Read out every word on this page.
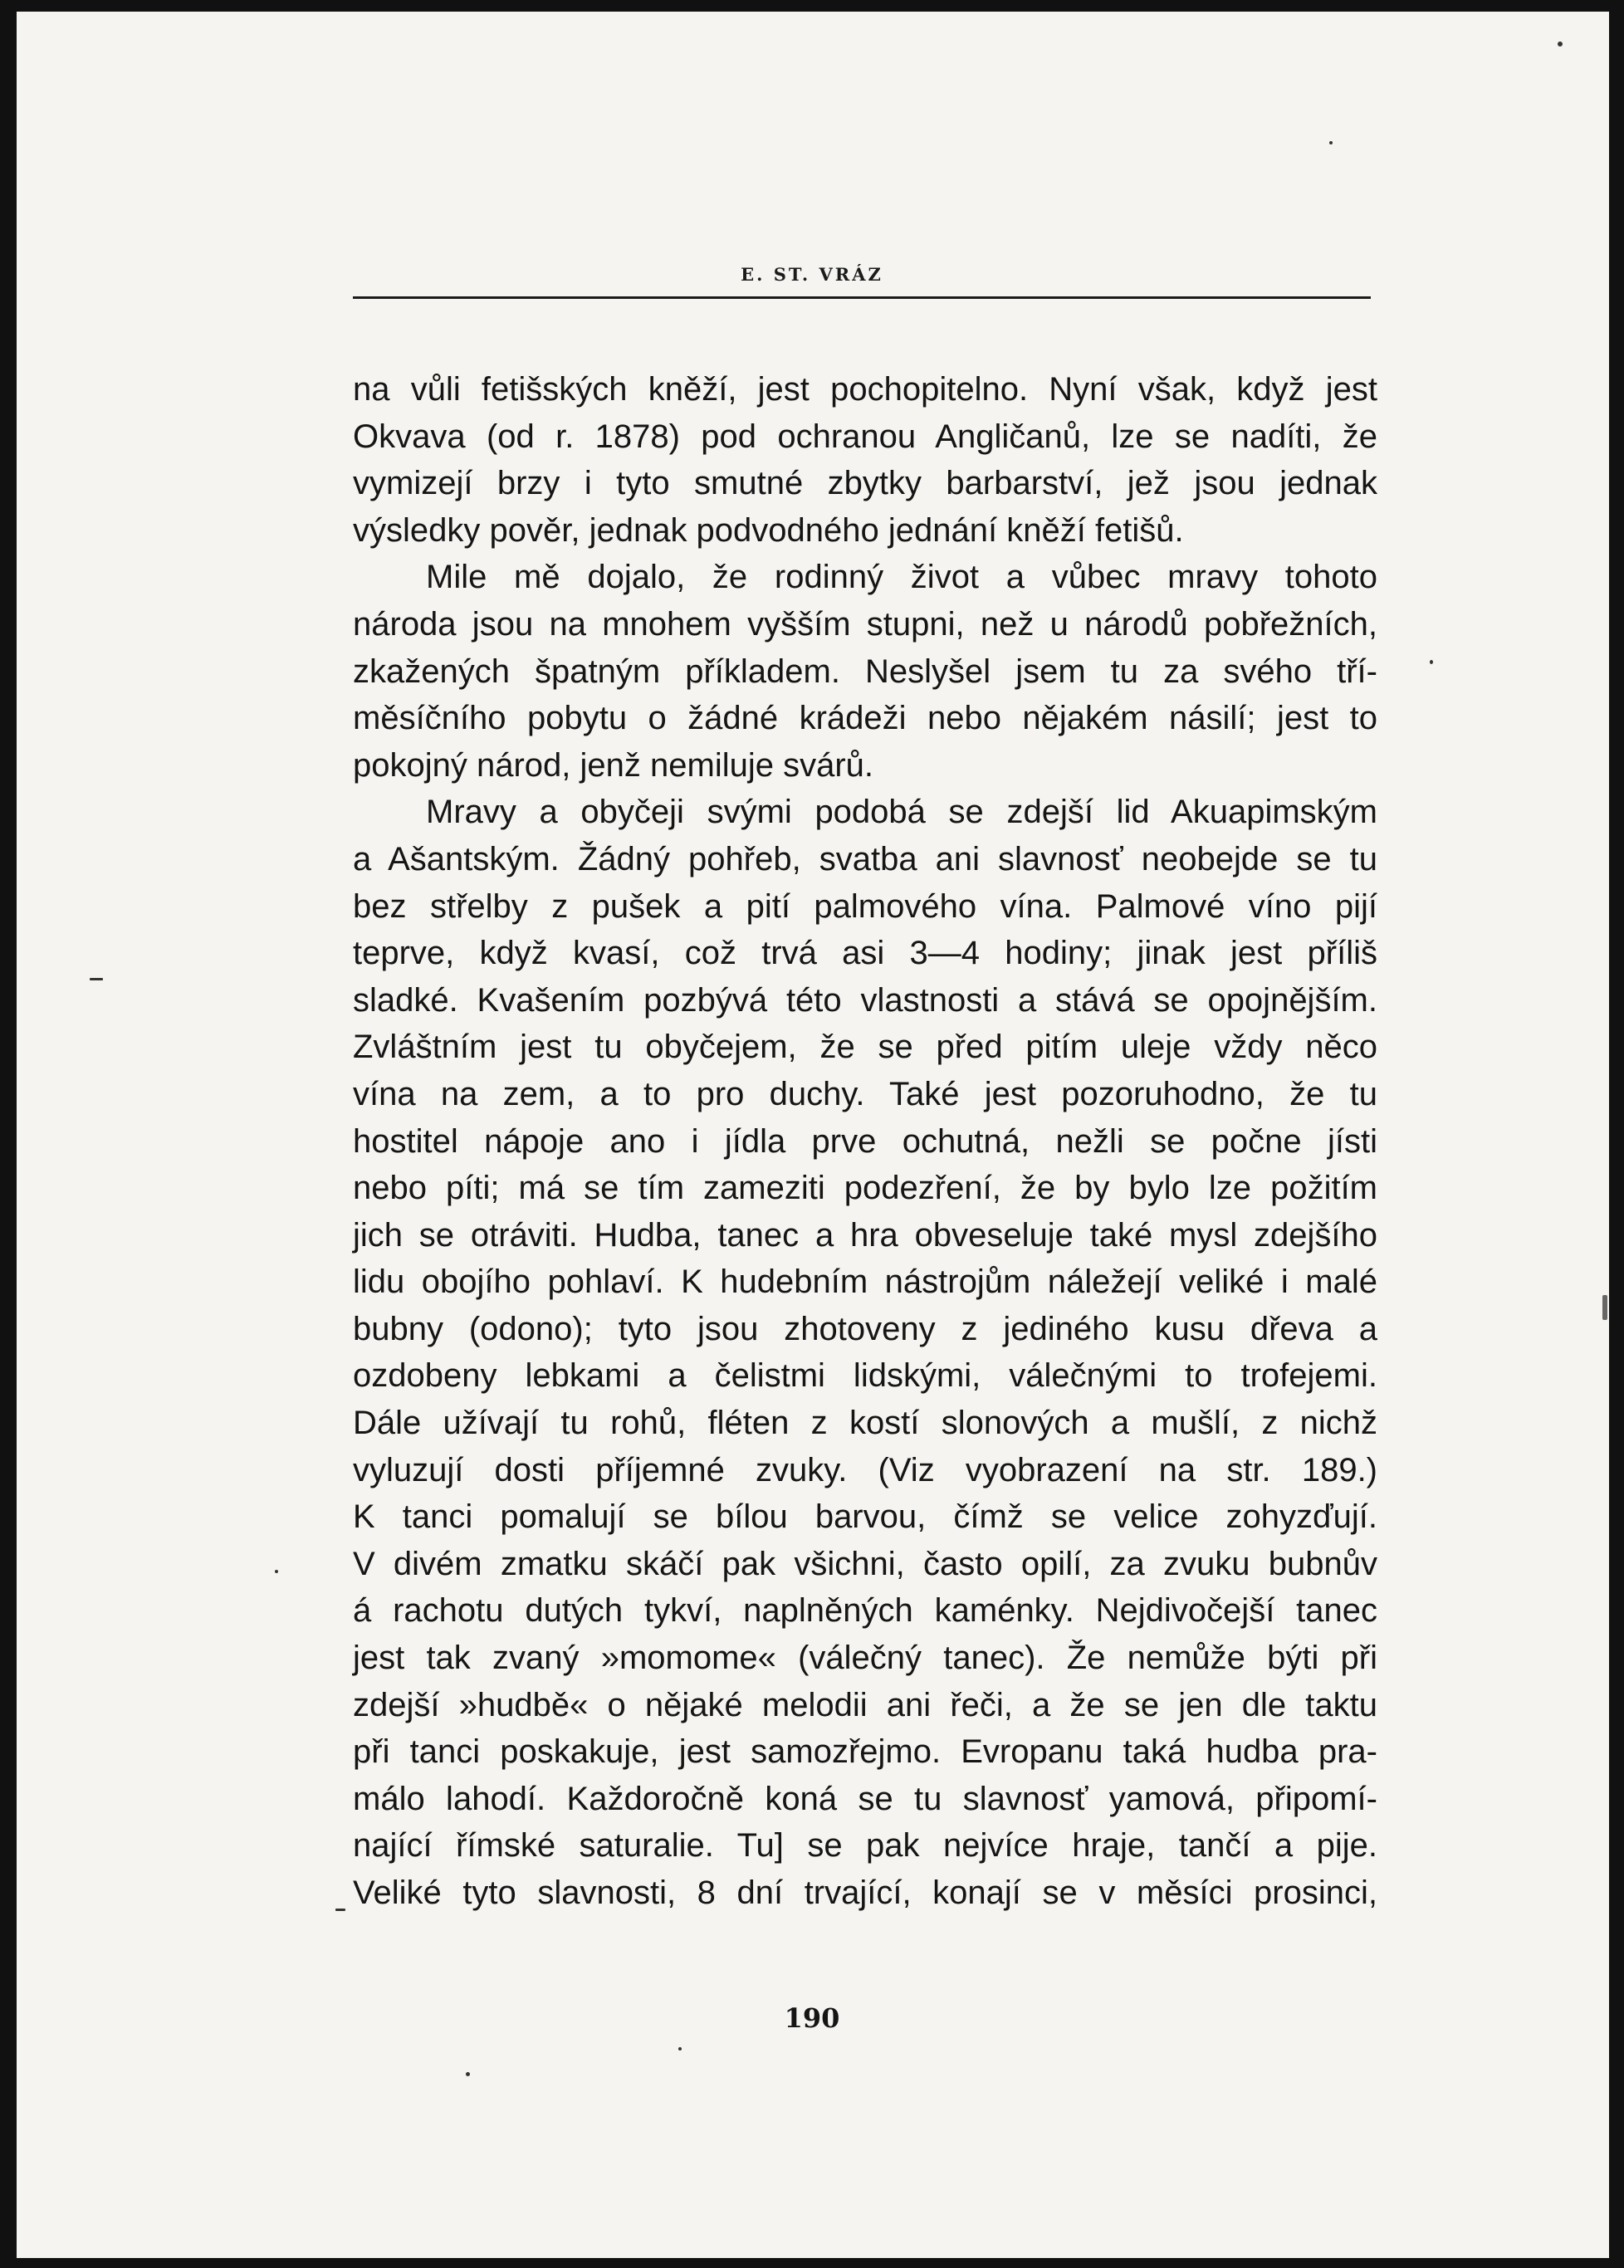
E. ST. VRÁZ
na vůli fetišských kněží, jest pochopitelno. Nyní však, když jest
Okvava (od r. 1878) pod ochranou Angličanů, lze se nadíti, že
vymizejí brzy i tyto smutné zbytky barbarství, jež jsou jednak
výsledky pověr, jednak podvodného jednání kněží fetišů.
Mile mě dojalo, že rodinný život a vůbec mravy tohoto
národa jsou na mnohem vyšším stupni, než u národů pobřežních,
zkažených špatným příkladem. Neslyšel jsem tu za svého tří-
měsíčního pobytu o žádné krádeži nebo nějakém násilí; jest to
pokojný národ, jenž nemiluje svárů.
Mravy a obyčeji svými podobá se zdejší lid Akuapimským
a Ašantským. Žádný pohřeb, svatba ani slavnosť neobejde se tu
bez střelby z pušek a pití palmového vína. Palmové víno pijí
teprve, když kvasí, což trvá asi 3—4 hodiny; jinak jest příliš
sladké. Kvašením pozbývá této vlastnosti a stává se opojnějším.
Zvláštním jest tu obyčejem, že se před pitím uleje vždy něco
vína na zem, a to pro duchy. Také jest pozoruhodno, že tu
hostitel nápoje ano i jídla prve ochutná, nežli se počne jísti
nebo píti; má se tím zameziti podezření, že by bylo lze požitím
jich se otráviti. Hudba, tanec a hra obveseluje také mysl zdejšího
lidu obojího pohlaví. K hudebním nástrojům náležejí veliké i malé
bubny (odono); tyto jsou zhotoveny z jediného kusu dřeva a
ozdobeny lebkami a čelistmi lidskými, válečnými to trofejemi.
Dále užívají tu rohů, fléten z kostí slonových a mušlí, z nichž
vyluzují dosti příjemné zvuky. (Viz vyobrazení na str. 189.)
K tanci pomalují se bílou barvou, čímž se velice zohyzďují.
V divém zmatku skáčí pak všichni, často opilí, za zvuku bubnův
á rachotu dutých tykví, naplněných kaménky. Nejdivočejší tanec
jest tak zvaný »momome« (válečný tanec). Že nemůže býti při
zdejší »hudbě« o nějaké melodii ani řeči, a že se jen dle taktu
při tanci poskakuje, jest samozřejmo. Evropanu taká hudba pra-
málo lahodí. Každoročně koná se tu slavnosť yamová, připomí-
nající římské saturalie. Tu] se pak nejvíce hraje, tančí a pije.
Veliké tyto slavnosti, 8 dní trvající, konají se v měsíci prosinci,
190
